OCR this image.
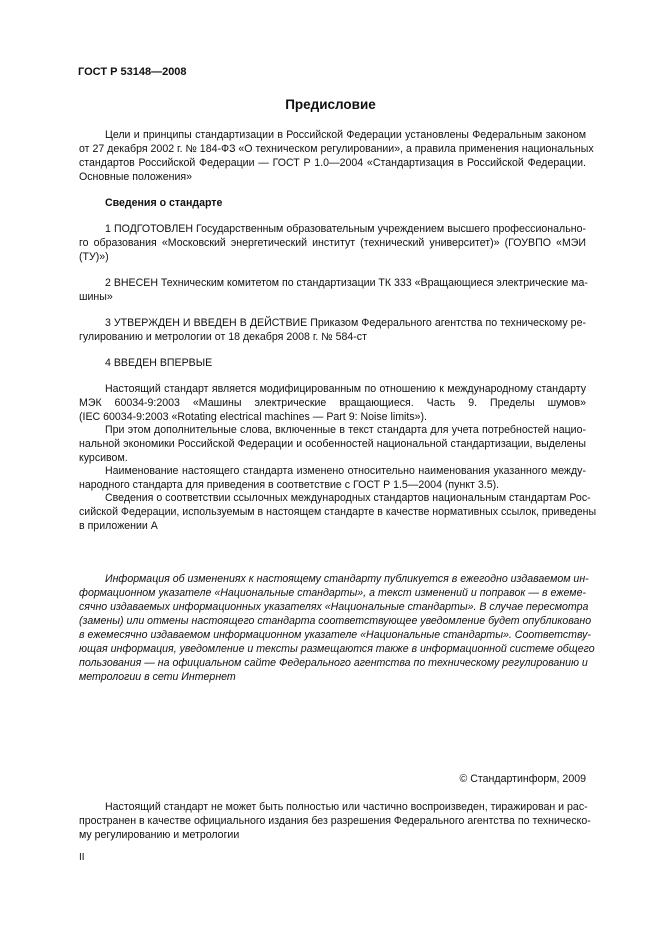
ГОСТ Р 53148—2008
Предисловие
Цели и принципы стандартизации в Российской Федерации установлены Федеральным законом
от 27 декабря 2002 г. № 184-ФЗ «О техническом регулировании», а правила применения национальных
стандартов Российской Федерации — ГОСТ Р 1.0—2004 «Стандартизация в Российской Федерации.
Основные положения»
Сведения о стандарте
1 ПОДГОТОВЛЕН Государственным образовательным учреждением высшего профессионально-
го образования «Московский энергетический институт (технический университет)» (ГОУВПО «МЭИ
(ТУ)»)
2 ВНЕСЕН Техническим комитетом по стандартизации ТК 333 «Вращающиеся электрические ма-
шины»
3 УТВЕРЖДЕН И ВВЕДЕН В ДЕЙСТВИЕ Приказом Федерального агентства по техническому ре-
гулированию и метрологии от 18 декабря 2008 г. № 584-ст
4 ВВЕДЕН ВПЕРВЫЕ
Настоящий стандарт является модифицированным по отношению к международному стандарту
МЭК 60034-9:2003 «Машины электрические вращающиеся. Часть 9. Пределы шумов»
(IEC 60034-9:2003 «Rotating electrical machines — Part 9: Noise limits»).
При этом дополнительные слова, включенные в текст стандарта для учета потребностей нацио-
нальной экономики Российской Федерации и особенностей национальной стандартизации, выделены
курсивом.
Наименование настоящего стандарта изменено относительно наименования указанного между-
народного стандарта для приведения в соответствие с ГОСТ Р 1.5—2004 (пункт 3.5).
Сведения о соответствии ссылочных международных стандартов национальным стандартам Рос-
сийской Федерации, используемым в настоящем стандарте в качестве нормативных ссылок, приведены
в приложении А
Информация об изменениях к настоящему стандарту публикуется в ежегодно издаваемом ин-
формационном указателе «Национальные стандарты», а текст изменений и поправок — в ежеме-
сячно издаваемых информационных указателях «Национальные стандарты». В случае пересмотра
(замены) или отмены настоящего стандарта соответствующее уведомление будет опубликовано
в ежемесячно издаваемом информационном указателе «Национальные стандарты». Соответству-
ющая информация, уведомление и тексты размещаются также в информационной системе общего
пользования — на официальном сайте Федерального агентства по техническому регулированию и
метрологии в сети Интернет
© Стандартинформ, 2009
Настоящий стандарт не может быть полностью или частично воспроизведен, тиражирован и рас-
пространен в качестве официального издания без разрешения Федерального агентства по техническо-
му регулированию и метрологии
II
